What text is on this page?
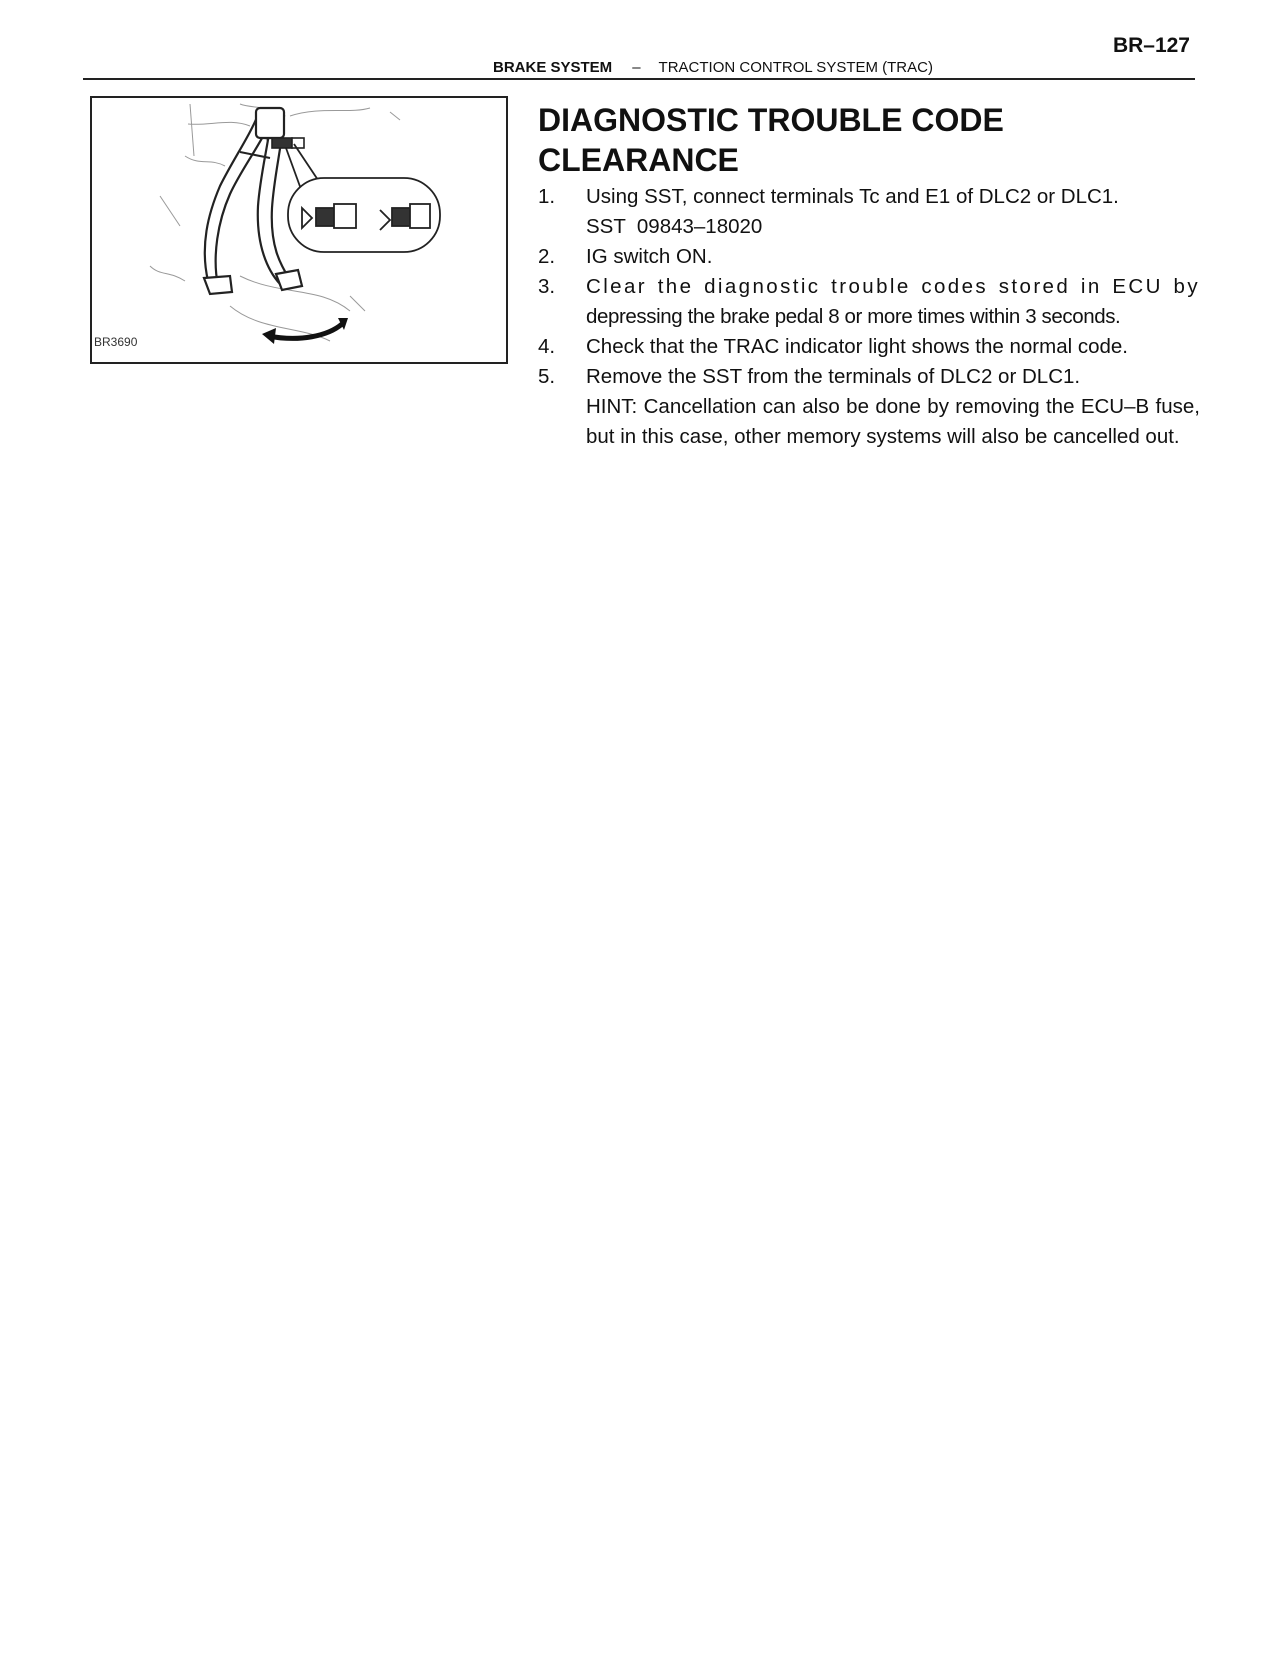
BR–127
BRAKE SYSTEM – TRACTION CONTROL SYSTEM (TRAC)
BR3690
DIAGNOSTIC TROUBLE CODE
CLEARANCE
1. Using SST, connect terminals Tc and E1 of DLC2 or DLC1.
SST  09843–18020
2. IG switch ON.
3. Clear the diagnostic trouble codes stored in ECU by
depressing the brake pedal 8 or more times within 3 seconds.
4. Check that the TRAC indicator light shows the normal code.
5. Remove the SST from the terminals of DLC2 or DLC1.
HINT: Cancellation can also be done by removing the ECU–B fuse, but in this case, other memory systems will also be cancelled out.
